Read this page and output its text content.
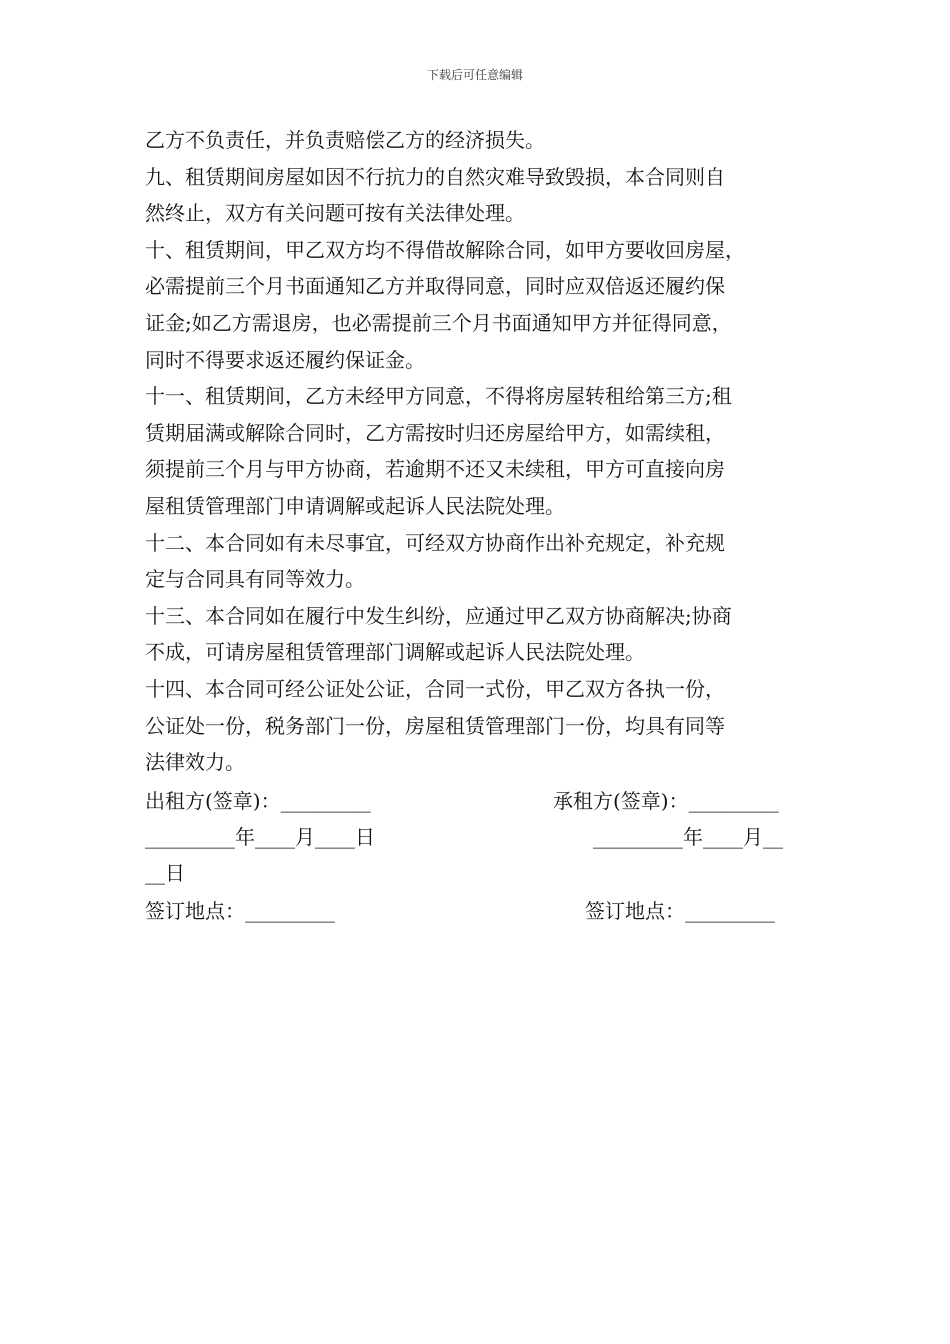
下载后可任意编辑
乙方不负责任，并负责赔偿乙方的经济损失。
九、租赁期间房屋如因不行抗力的自然灾难导致毁损，本合同则自
然终止，双方有关问题可按有关法律处理。
十、租赁期间，甲乙双方均不得借故解除合同，如甲方要收回房屋，
必需提前三个月书面通知乙方并取得同意，同时应双倍返还履约保
证金;如乙方需退房，也必需提前三个月书面通知甲方并征得同意，
同时不得要求返还履约保证金。
十一、租赁期间，乙方未经甲方同意，不得将房屋转租给第三方;租
赁期届满或解除合同时，乙方需按时归还房屋给甲方，如需续租，
须提前三个月与甲方协商，若逾期不还又未续租，甲方可直接向房
屋租赁管理部门申请调解或起诉人民法院处理。
十二、本合同如有未尽事宜，可经双方协商作出补充规定，补充规
定与合同具有同等效力。
十三、本合同如在履行中发生纠纷，应通过甲乙双方协商解决;协商
不成，可请房屋租赁管理部门调解或起诉人民法院处理。
十四、本合同可经公证处公证，合同一式份，甲乙双方各执一份，
公证处一份，税务部门一份，房屋租赁管理部门一份，均具有同等
法律效力。
出租方(签章)：_________	承租方(签章)：_________
_________年____月____日	_________年____月__
__日
签订地点：_________	签订地点：_________
